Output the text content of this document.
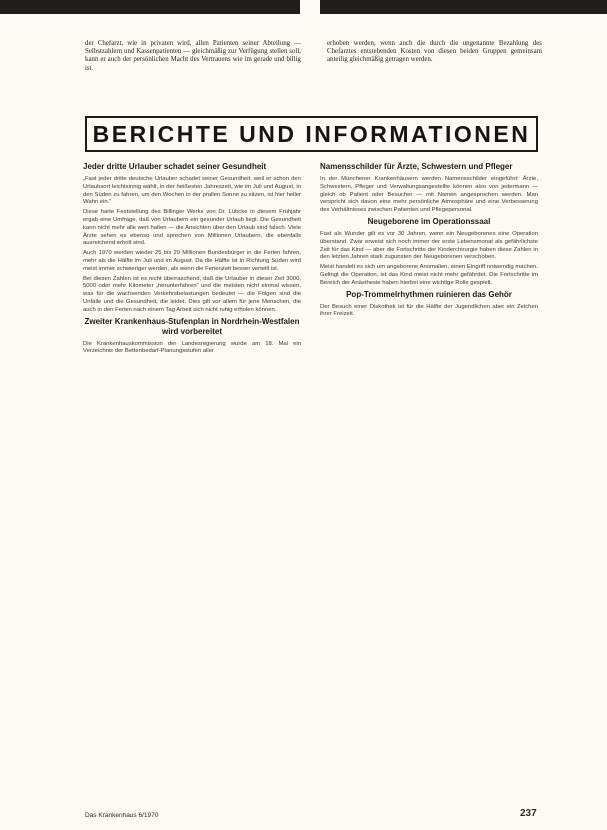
der Chefarzt, wie in privaten wird, allen Patienten seiner Abteilung — Selbstzahlern und Kassenpatienten — gleichmäßig zur Verfügung stellen soll, kann er auch der persönlichen Macht des Vertrauens wie im gerade und billig ist.
erhoben werden, wenn auch die durch die ungenannte Bezahlung des Chefarztes entstehenden Kosten von diesen beiden Gruppen gemeinsam anteilig gleichmäßig getragen werden.
BERICHTE UND INFORMATIONEN
Jeder dritte Urlauber schadet seiner Gesundheit

„Fast jeder dritte deutsche Urlauber schadet seiner Gesundheit, weil er schon den Urlaubsort leichtsinnig wählt, in der heißesten Jahreszeit, wie im Juli und August, in den Süden zu fahren, um den Wochen in der prallen Sonne zu sitzen, ist hier heller Wahn ein.“

Diese harte Feststellung des Billinger Werks von Dr. Lübcke in diesem Frühjahr ergab eine Umfrage, daß von Urlaubern ein gesunder Urlaub liegt. Die Gesundheit kann nicht mehr alle wert halten — die Ansichten über den Urlaub sind falsch. Viele Ärzte sehen es ebenso und sprechen von Millionen Urlaubern, die ebenfalls ausreichend erholt sind.

Auch 1970 werden wieder 25 bis 29 Millionen Bundesbürger in die Ferien fahren, mehr als die Hälfte im Juli und im August. Da die Hälfte ist in Richtung Süden wird meist immer schwieriger werden, als wenn die Ferienzeit besser verteilt ist.

Bei diesen Zahlen ist es nicht überraschend, daß die Urlauber in dieser Zeit 3000, 5000 oder mehr Kilometer „herunterfahren“ und die meisten nicht einmal wissen, was für die wachsenden Verkehrsbelastungen bedeutet — die Folgen sind die Unfälle und die Gesundheit, die leidet. Dies gilt vor allem für jene Menschen, die auch in den Ferien nach einem Tag Arbeit sich nicht ruhig erholen können.

Zweiter Krankenhaus-Stufenplan in Nordrhein-Westfalen wird vorbereitet

Die Krankenhauskommission der Landesregierung wurde am 18. Mai ein Verzeichnis der Bettenbedarf-Planungsstufen aller

Namensschilder für Ärzte, Schwestern und Pfleger

In der Münchener Krankenhäusern werden Namensschilder eingeführt: Ärzte, Schwestern, Pfleger und Verwaltungsangestellte können also von jedermann — gleich ob Patient oder Besucher — mit Namen angesprochen werden. Man verspricht sich davon eine mehr persönliche Atmosphäre und eine Verbesserung des Verhältnisses zwischen Patienten und Pflegepersonal.

Neugeborene im Operationssaal

Fast als Wunder gilt es vor 30 Jahren, wenn ein Neugeborenes eine Operation überstand. Zwar erweist sich noch immer der erste Lebensmonat als gefährlichste Zeit für das Kind — aber die Fortschritte der Kinderchirurgie haben diese Zahlen in den letzten Jahren stark zugunsten der Neugeborenen verschoben.

Meist handelt es sich um angeborene Anomalien, einen Eingriff notwendig machen. Gelingt die Operation, ist das Kind meist nicht mehr gefährdet. Die Fortschritte im Bereich der Anästhesie haben hierbei eine wichtige Rolle gespielt.

Pop-Trommelrhythmen ruinieren das Gehör

Der Besuch einer Diskothek ist für die Hälfte der Jugendlichen aber ein Zeichen ihrer Freizeit.

Das Krankenhaus 6/1970	237
